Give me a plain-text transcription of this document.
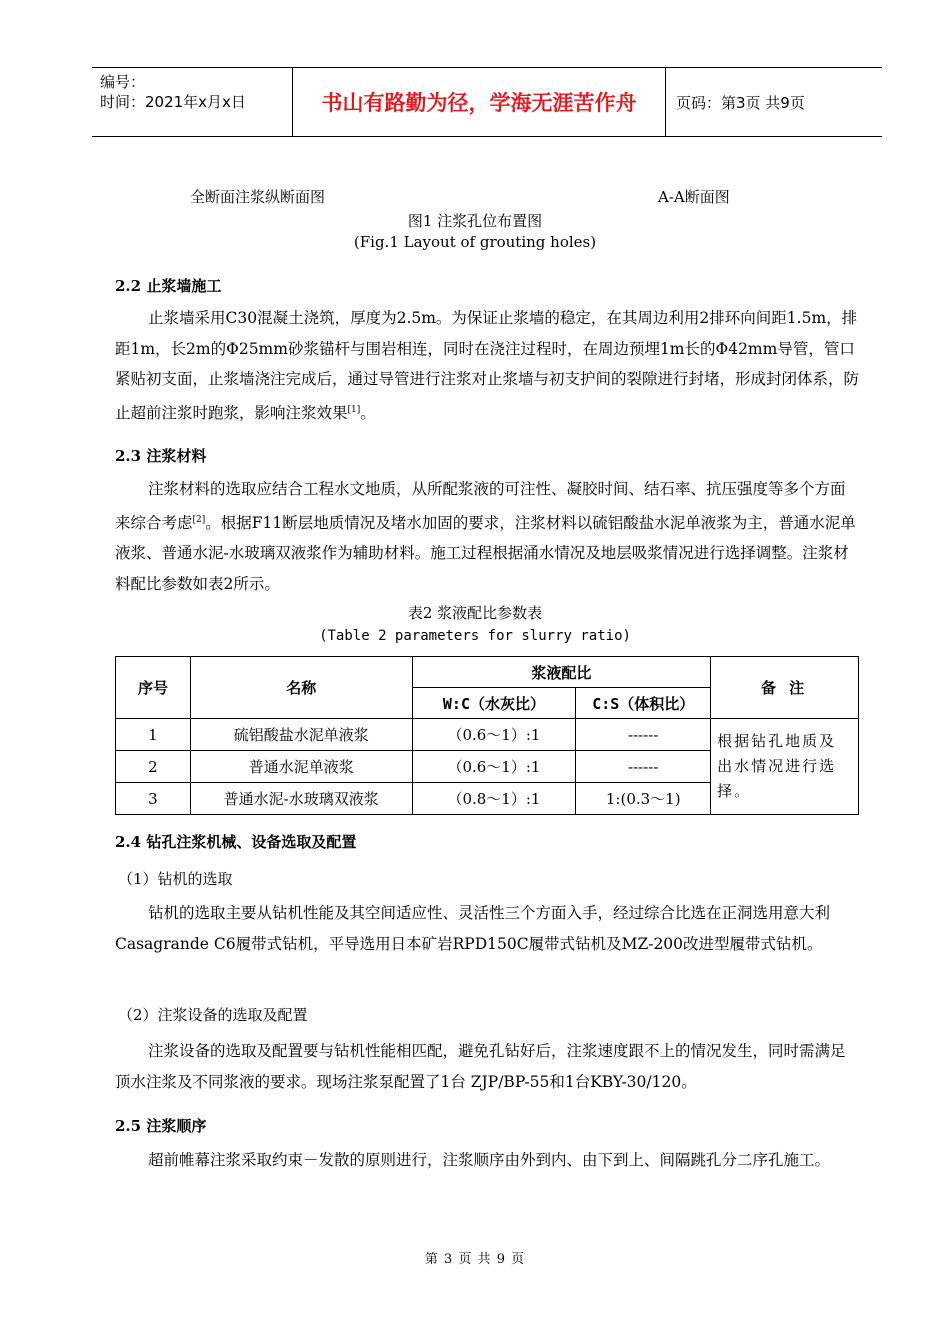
编号：
时间：2021年x月x日	书山有路勤为径，学海无涯苦作舟	页码：第3页 共9页
全断面注浆纵断面图	A-A断面图
图1 注浆孔位布置图
(Fig.1 Layout of grouting holes)
2.2 止浆墙施工
止浆墙采用C30混凝土浇筑，厚度为2.5m。为保证止浆墙的稳定，在其周边利用2排环向间距1.5m，排距1m，长2m的Φ25mm砂浆锚杆与围岩相连，同时在浇注过程时，在周边预埋1m长的Φ42mm导管，管口紧贴初支面，止浆墙浇注完成后，通过导管进行注浆对止浆墙与初支护间的裂隙进行封堵，形成封闭体系，防止超前注浆时跑浆，影响注浆效果[1]。
2.3 注浆材料
注浆材料的选取应结合工程水文地质，从所配浆液的可注性、凝胶时间、结石率、抗压强度等多个方面来综合考虑[2]。根据F11断层地质情况及堵水加固的要求，注浆材料以硫铝酸盐水泥单液浆为主，普通水泥单液浆、普通水泥-水玻璃双液浆作为辅助材料。施工过程根据涌水情况及地层吸浆情况进行选择调整。注浆材料配比参数如表2所示。
表2 浆液配比参数表
(Table 2 parameters for slurry ratio)
序号	名称	浆液配比		备 注
		W:C（水灰比）	C:S（体积比）	
1	硫铝酸盐水泥单液浆	（0.6～1）:1	------	根据钻孔地质及出水情况进行选择。
2	普通水泥单液浆	（0.6～1）:1	------	
3	普通水泥-水玻璃双液浆	（0.8～1）:1	1:(0.3～1)	
2.4 钻孔注浆机械、设备选取及配置
（1）钻机的选取
钻机的选取主要从钻机性能及其空间适应性、灵活性三个方面入手，经过综合比选在正洞选用意大利Casagrande C6履带式钻机，平导选用日本矿岩RPD150C履带式钻机及MZ-200改进型履带式钻机。
（2）注浆设备的选取及配置
注浆设备的选取及配置要与钻机性能相匹配，避免孔钻好后，注浆速度跟不上的情况发生，同时需满足顶水注浆及不同浆液的要求。现场注浆泵配置了1台 ZJP/BP-55和1台KBY-30/120。
2.5 注浆顺序
超前帷幕注浆采取约束－发散的原则进行，注浆顺序由外到内、由下到上、间隔跳孔分二序孔施工。
第 3 页 共 9 页
